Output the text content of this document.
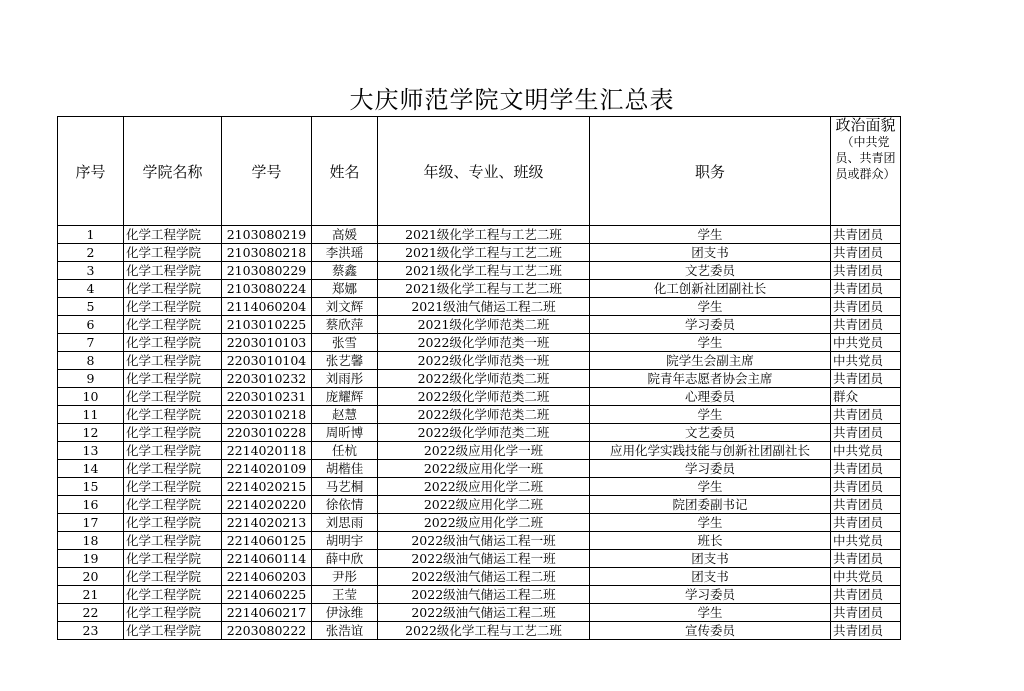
大庆师范学院文明学生汇总表
序号	学院名称	学号	姓名	年级、专业、班级	职务	政治面貌
（中共党员、共青团员或群众）

1	化学工程学院	2103080219	高媛	2021级化学工程与工艺二班	学生	共青团员
2	化学工程学院	2103080218	李洪瑶	2021级化学工程与工艺二班	团支书	共青团员
3	化学工程学院	2103080229	蔡鑫	2021级化学工程与工艺二班	文艺委员	共青团员
4	化学工程学院	2103080224	郑娜	2021级化学工程与工艺二班	化工创新社团副社长	共青团员
5	化学工程学院	2114060204	刘文辉	2021级油气储运工程二班	学生	共青团员
6	化学工程学院	2103010225	蔡欣萍	2021级化学师范类二班	学习委员	共青团员
7	化学工程学院	2203010103	张雪	2022级化学师范类一班	学生	中共党员
8	化学工程学院	2203010104	张艺馨	2022级化学师范类一班	院学生会副主席	中共党员
9	化学工程学院	2203010232	刘雨彤	2022级化学师范类二班	院青年志愿者协会主席	共青团员
10	化学工程学院	2203010231	庞耀辉	2022级化学师范类二班	心理委员	群众
11	化学工程学院	2203010218	赵慧	2022级化学师范类二班	学生	共青团员
12	化学工程学院	2203010228	周昕博	2022级化学师范类二班	文艺委员	共青团员
13	化学工程学院	2214020118	任杭	2022级应用化学一班	应用化学实践技能与创新社团副社长	中共党员
14	化学工程学院	2214020109	胡楷佳	2022级应用化学一班	学习委员	共青团员
15	化学工程学院	2214020215	马艺桐	2022级应用化学二班	学生	共青团员
16	化学工程学院	2214020220	徐依情	2022级应用化学二班	院团委副书记	共青团员
17	化学工程学院	2214020213	刘思雨	2022级应用化学二班	学生	共青团员
18	化学工程学院	2214060125	胡明宇	2022级油气储运工程一班	班长	中共党员
19	化学工程学院	2214060114	薛中欣	2022级油气储运工程一班	团支书	共青团员
20	化学工程学院	2214060203	尹彤	2022级油气储运工程二班	团支书	中共党员
21	化学工程学院	2214060225	王莹	2022级油气储运工程二班	学习委员	共青团员
22	化学工程学院	2214060217	伊泳维	2022级油气储运工程二班	学生	共青团员
23	化学工程学院	2203080222	张浩谊	2022级化学工程与工艺二班	宣传委员	共青团员
